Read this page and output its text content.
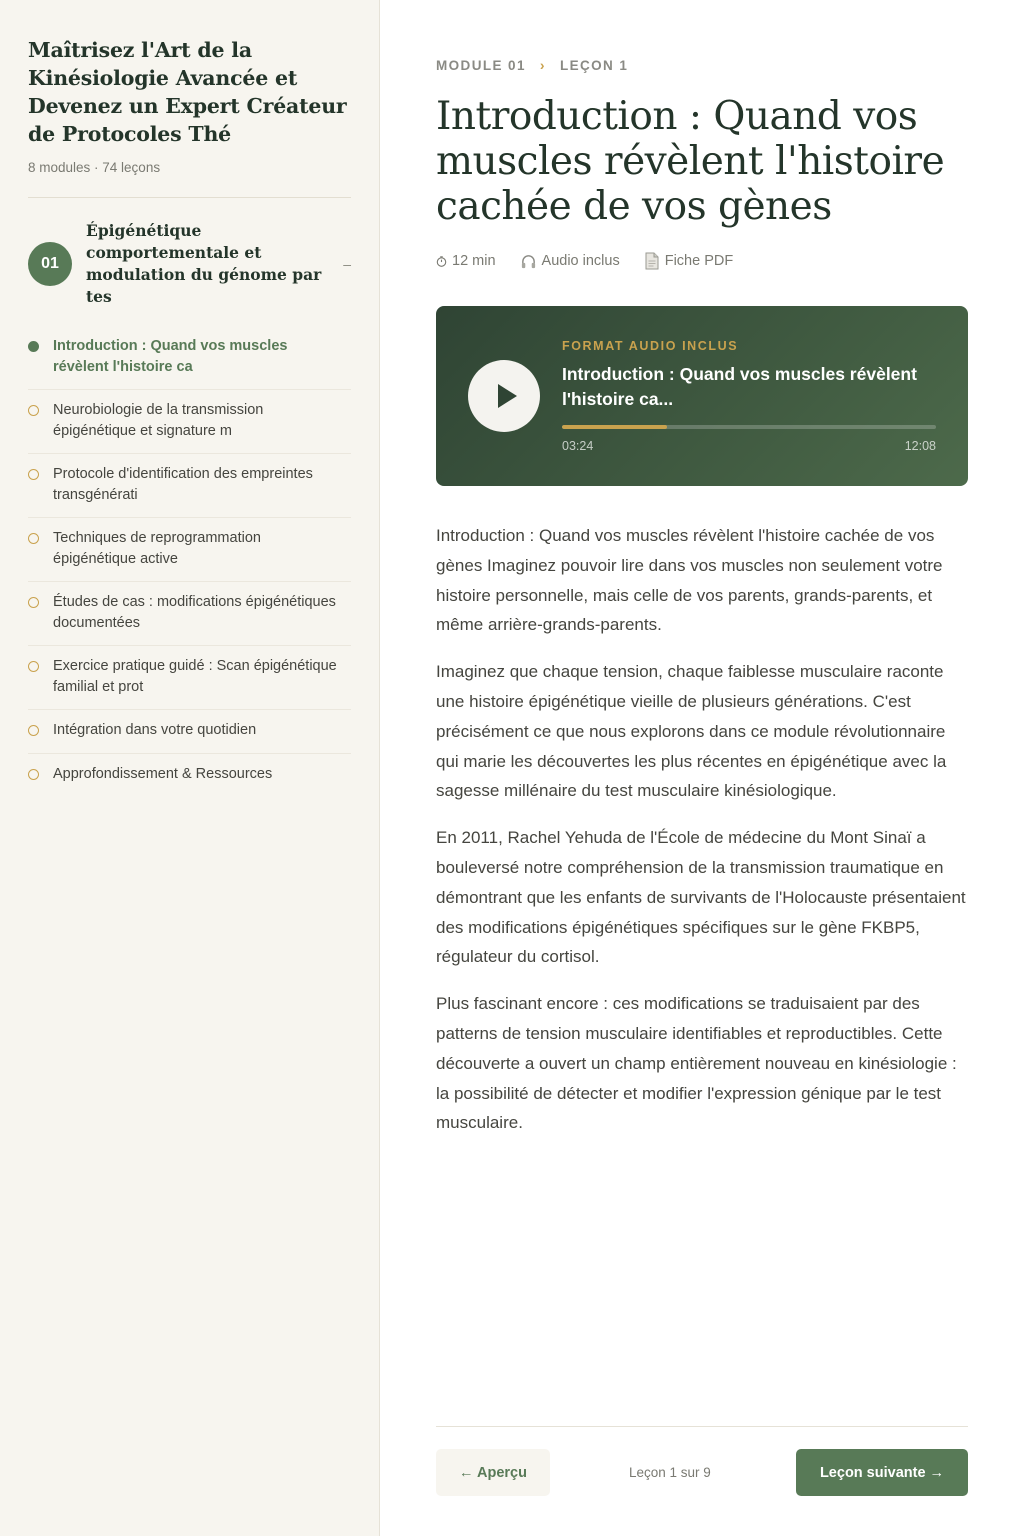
Maîtrisez l'Art de la Kinésiologie Avancée et Devenez un Expert Créateur de Protocoles Thé
8 modules · 74 leçons
01
Épigénétique comportementale et modulation du génome par tes
–
Introduction : Quand vos muscles révèlent l'histoire ca
Neurobiologie de la transmission épigénétique et signature m
Protocole d'identification des empreintes transgénérati
Techniques de reprogrammation épigénétique active
Études de cas : modifications épigénétiques documentées
Exercice pratique guidé : Scan épigénétique familial et prot
Intégration dans votre quotidien
Approfondissement & Ressources
MODULE 01 › LEÇON 1
Introduction : Quand vos muscles révèlent l'histoire cachée de vos gènes
12 min	Audio inclus	Fiche PDF
FORMAT AUDIO INCLUS
Introduction : Quand vos muscles révèlent l'histoire ca...
03:24	12:08

Introduction : Quand vos muscles révèlent l'histoire cachée de vos gènes Imaginez pouvoir lire dans vos muscles non seulement votre histoire personnelle, mais celle de vos parents, grands-parents, et même arrière-grands-parents.

Imaginez que chaque tension, chaque faiblesse musculaire raconte une histoire épigénétique vieille de plusieurs générations. C'est précisément ce que nous explorons dans ce module révolutionnaire qui marie les découvertes les plus récentes en épigénétique avec la sagesse millénaire du test musculaire kinésiologique.

En 2011, Rachel Yehuda de l'École de médecine du Mont Sinaï a bouleversé notre compréhension de la transmission traumatique en démontrant que les enfants de survivants de l'Holocauste présentaient des modifications épigénétiques spécifiques sur le gène FKBP5, régulateur du cortisol.

Plus fascinant encore : ces modifications se traduisaient par des patterns de tension musculaire identifiables et reproductibles. Cette découverte a ouvert un champ entièrement nouveau en kinésiologie : la possibilité de détecter et modifier l'expression génique par le test musculaire.

← Aperçu	Leçon 1 sur 9	Leçon suivante →
